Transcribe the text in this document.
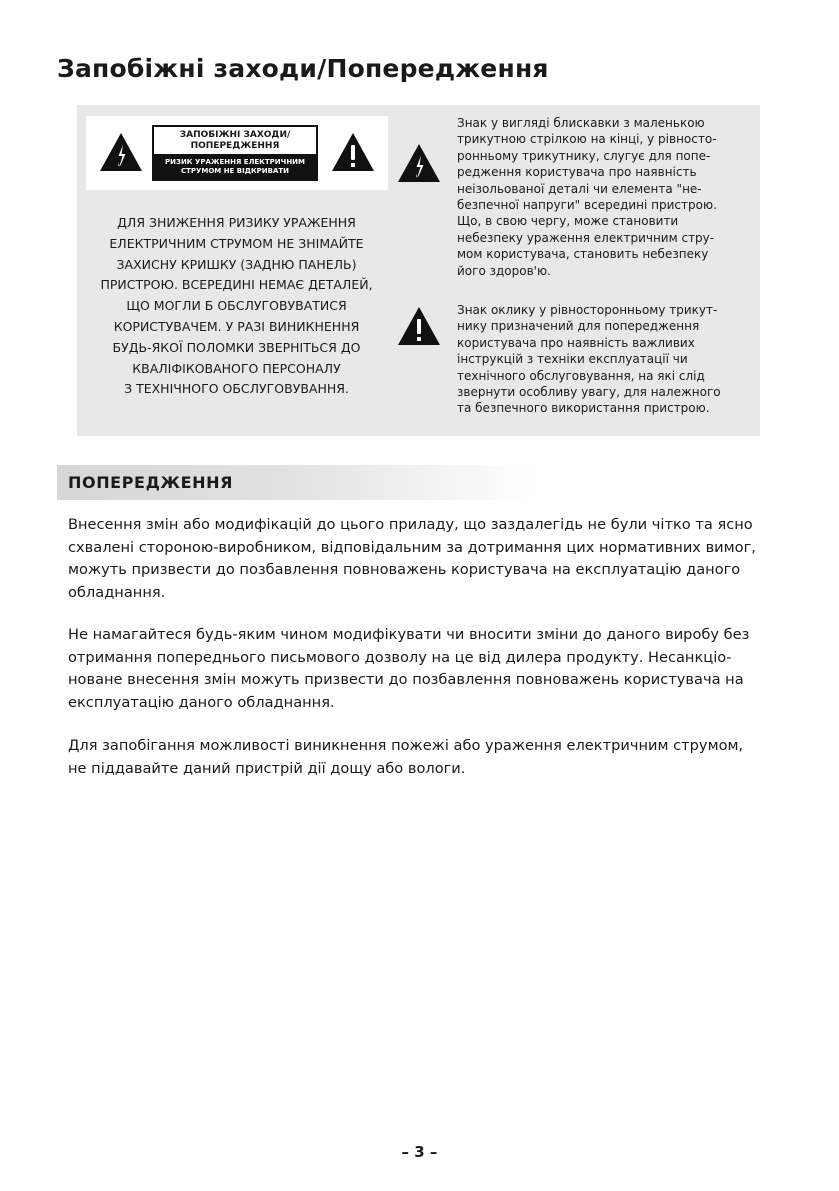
Запобіжні заходи/Попередження
ЗАПОБІЖНІ ЗАХОДИ/
ПОПЕРЕДЖЕННЯ
РИЗИК УРАЖЕННЯ ЕЛЕКТРИЧНИМ
СТРУМОМ НЕ ВІДКРИВАТИ
ДЛЯ ЗНИЖЕННЯ РИЗИКУ УРАЖЕННЯ
ЕЛЕКТРИЧНИМ СТРУМОМ НЕ ЗНІМАЙТЕ
ЗАХИСНУ КРИШКУ (ЗАДНЮ ПАНЕЛЬ)
ПРИСТРОЮ. ВСЕРЕДИНІ НЕМАЄ ДЕТАЛЕЙ,
ЩО МОГЛИ Б ОБСЛУГОВУВАТИСЯ
КОРИСТУВАЧЕМ. У РАЗІ ВИНИКНЕННЯ
БУДЬ-ЯКОЇ ПОЛОМКИ ЗВЕРНІТЬСЯ ДО
КВАЛІФІКОВАНОГО ПЕРСОНАЛУ
З ТЕХНІЧНОГО ОБСЛУГОВУВАННЯ.
Знак у вигляді блискавки з маленькою
трикутною стрілкою на кінці, у рівносто-
ронньому трикутнику, слугує для попе-
редження користувача про наявність
неізольованої деталі чи елемента "не-
безпечної напруги" всередині пристрою.
Що, в свою чергу, може становити
небезпеку ураження електричним стру-
мом користувача, становить небезпеку
його здоров'ю.
Знак оклику у рівносторонньому трикут-
нику призначений для попередження
користувача про наявність важливих
інструкцій з техніки експлуатації чи
технічного обслуговування, на які слід
звернути особливу увагу, для належного
та безпечного використання пристрою.
ПОПЕРЕДЖЕННЯ

Внесення змін або модифікацій до цього приладу, що заздалегідь не були чітко та ясно
схвалені стороною-виробником, відповідальним за дотримання цих нормативних вимог,
можуть призвести до позбавлення повноважень користувача на експлуатацію даного
обладнання.

Не намагайтеся будь-яким чином модифікувати чи вносити зміни до даного виробу без
отримання попереднього письмового дозволу на це від дилера продукту. Несанкціо-
новане внесення змін можуть призвести до позбавлення повноважень користувача на
експлуатацію даного обладнання.

Для запобігання можливості виникнення пожежі або ураження електричним струмом,
не піддавайте даний пристрій дії дощу або вологи.

– 3 –
